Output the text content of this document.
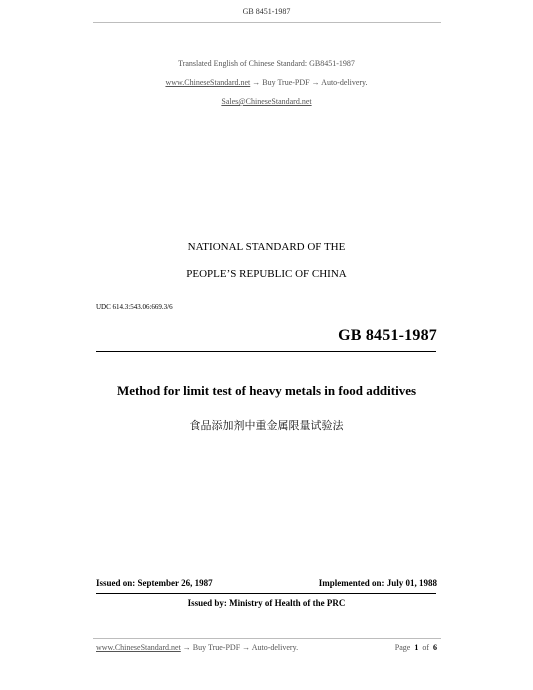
GB 8451-1987
Translated English of Chinese Standard: GB8451-1987
www.ChineseStandard.net → Buy True-PDF → Auto-delivery.
Sales@ChineseStandard.net
NATIONAL STANDARD OF THE
PEOPLE’S REPUBLIC OF CHINA
UDC 614.3:543.06:669.3/6
GB 8451-1987
Method for limit test of heavy metals in food additives
食品添加剂中重金属限量试验法
Issued on: September 26, 1987	Implemented on: July 01, 1988
Issued by: Ministry of Health of the PRC
www.ChineseStandard.net → Buy True-PDF → Auto-delivery.	Page 1 of 6
